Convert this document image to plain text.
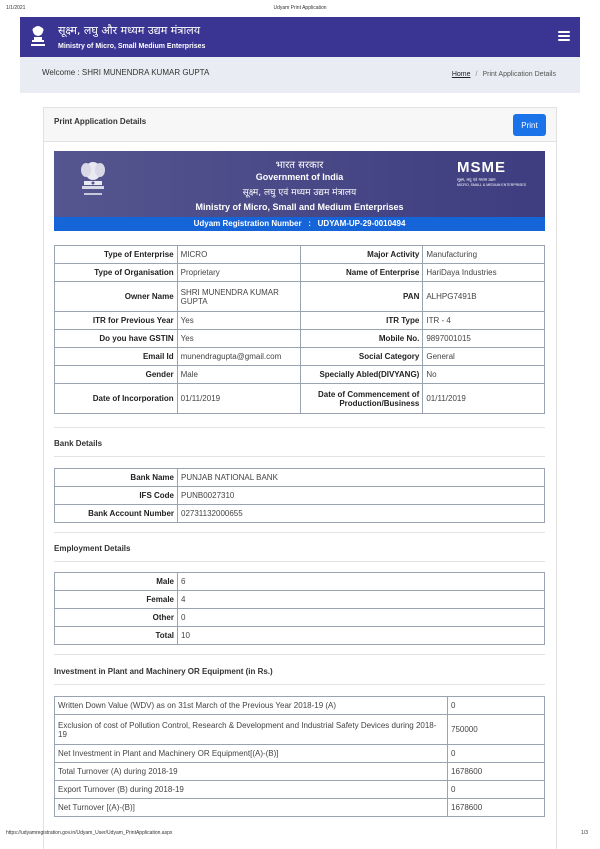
1/1/2021	Udyam Print Application
सूक्ष्म, लघु और मध्यम उद्यम मंत्रालय
Ministry of Micro, Small Medium Enterprises
Welcome : SHRI MUNENDRA KUMAR GUPTA	Home / Print Application Details
Print Application Details	Print
भारत सरकार
Government of India
सूक्ष्म, लघु एवं मध्यम उद्यम मंत्रालय
Ministry of Micro, Small and Medium Enterprises
MSME
सूक्ष्म, लघु एवं मध्यम उद्यम
MICRO, SMALL & MEDIUM ENTERPRISES
Udyam Registration Number : UDYAM-UP-29-0010494
Type of Enterprise	MICRO	Major Activity	Manufacturing
Type of Organisation	Proprietary	Name of Enterprise	HariDaya Industries
Owner Name	SHRI MUNENDRA KUMAR GUPTA	PAN	ALHPG7491B
ITR for Previous Year	Yes	ITR Type	ITR - 4
Do you have GSTIN	Yes	Mobile No.	9897001015
Email Id	munendragupta@gmail.com	Social Category	General
Gender	Male	Specially Abled(DIVYANG)	No
Date of Incorporation	01/11/2019	Date of Commencement of Production/Business	01/11/2019
Bank Details
Bank Name	PUNJAB NATIONAL BANK
IFS Code	PUNB0027310
Bank Account Number	02731132000655
Employment Details
Male	6
Female	4
Other	0
Total	10
Investment in Plant and Machinery OR Equipment (in Rs.)
Written Down Value (WDV) as on 31st March of the Previous Year 2018-19 (A)	0
Exclusion of cost of Pollution Control, Research & Development and Industrial Safety Devices during 2018-19	750000
Net Investment in Plant and Machinery OR Equipment[(A)-(B)]	0
Total Turnover (A) during 2018-19	1678600
Export Turnover (B) during 2018-19	0
Net Turnover [(A)-(B)]	1678600
https://udyamregistration.gov.in/Udyam_User/Udyam_PrintApplication.aspx	1/3
